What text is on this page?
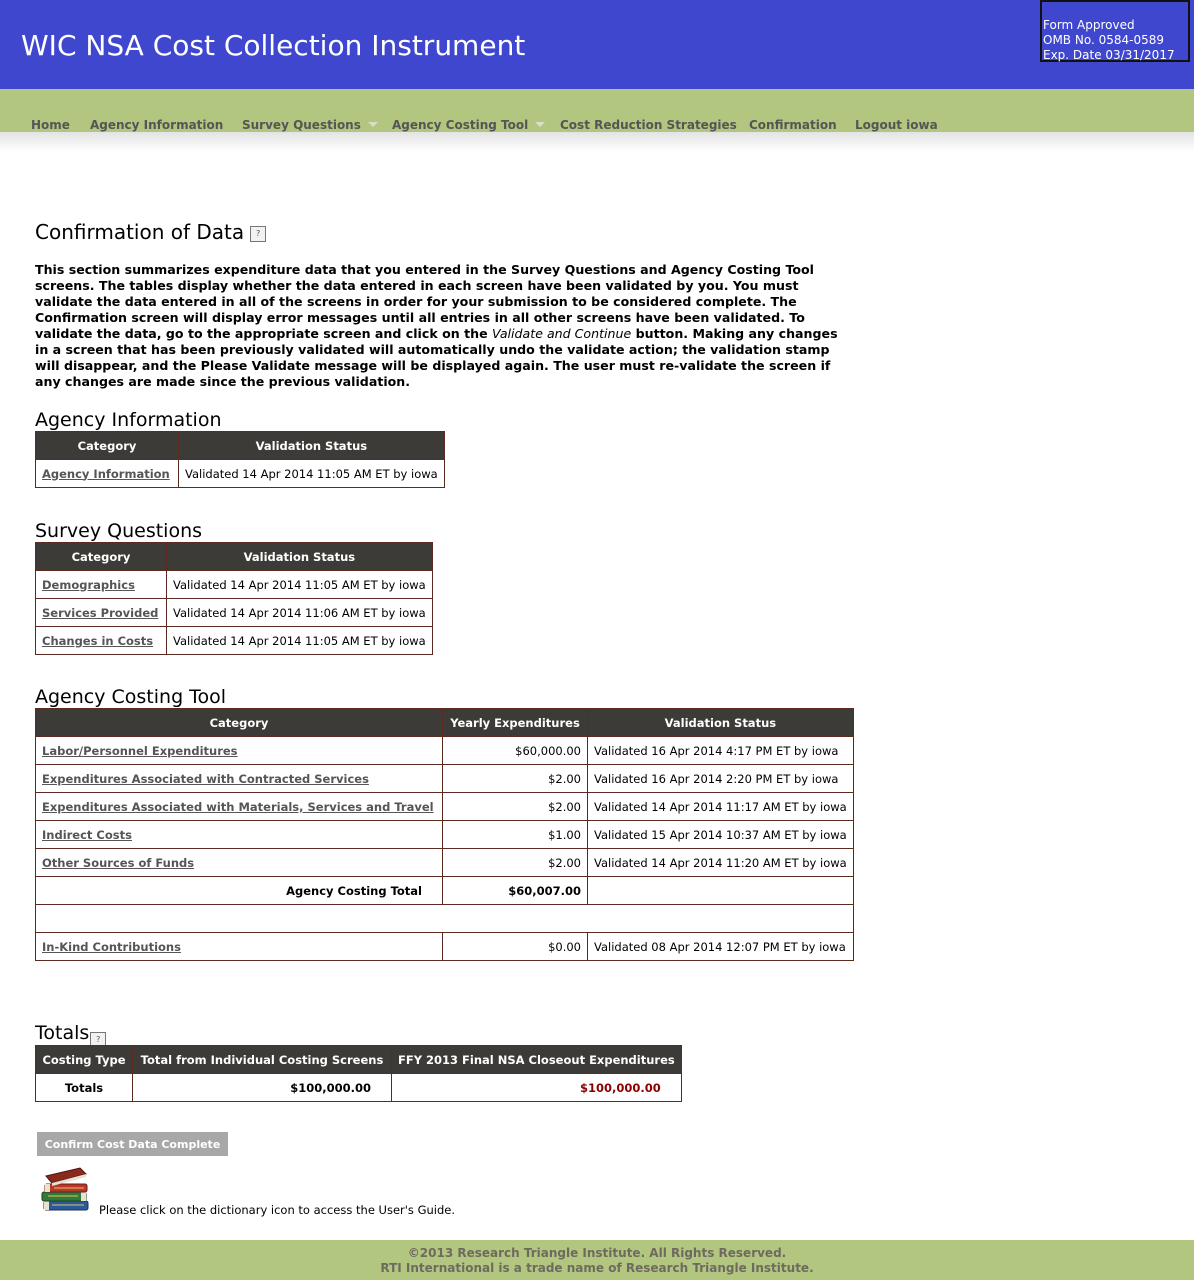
WIC NSA Cost Collection Instrument
Form Approved
OMB No. 0584-0589
Exp. Date 03/31/2017
Home Agency Information Survey Questions	Agency Costing Tool	Cost Reduction Strategies Confirmation Logout iowa
Confirmation of Data ?

This section summarizes expenditure data that you entered in the Survey Questions and Agency Costing Tool screens. The tables display whether the data entered in each screen have been validated by you. You must validate the data entered in all of the screens in order for your submission to be considered complete. The Confirmation screen will display error messages until all entries in all other screens have been validated. To validate the data, go to the appropriate screen and click on the Validate and Continue button. Making any changes in a screen that has been previously validated will automatically undo the validate action; the validation stamp will disappear, and the Please Validate message will be displayed again. The user must re-validate the screen if any changes are made since the previous validation.

Agency Information
Category	Validation Status
Agency Information	Validated 14 Apr 2014 11:05 AM ET by iowa
Survey Questions
Category	Validation Status
Demographics	Validated 14 Apr 2014 11:05 AM ET by iowa
Services Provided	Validated 14 Apr 2014 11:06 AM ET by iowa
Changes in Costs	Validated 14 Apr 2014 11:05 AM ET by iowa
Agency Costing Tool
Category	Yearly Expenditures	Validation Status
Labor/Personnel Expenditures	$60,000.00	Validated 16 Apr 2014 4:17 PM ET by iowa
Expenditures Associated with Contracted Services	$2.00	Validated 16 Apr 2014 2:20 PM ET by iowa
Expenditures Associated with Materials, Services and Travel	$2.00	Validated 14 Apr 2014 11:17 AM ET by iowa
Indirect Costs	$1.00	Validated 15 Apr 2014 10:37 AM ET by iowa
Other Sources of Funds	$2.00	Validated 14 Apr 2014 11:20 AM ET by iowa
Agency Costing Total	$60,007.00	

In-Kind Contributions	$0.00	Validated 08 Apr 2014 12:07 PM ET by iowa
Totals ?
Costing Type	Total from Individual Costing Screens	FFY 2013 Final NSA Closeout Expenditures
Totals	$100,000.00	$100,000.00
Confirm Cost Data Complete
Please click on the dictionary icon to access the User's Guide.
©2013 Research Triangle Institute. All Rights Reserved.
RTI International is a trade name of Research Triangle Institute.
